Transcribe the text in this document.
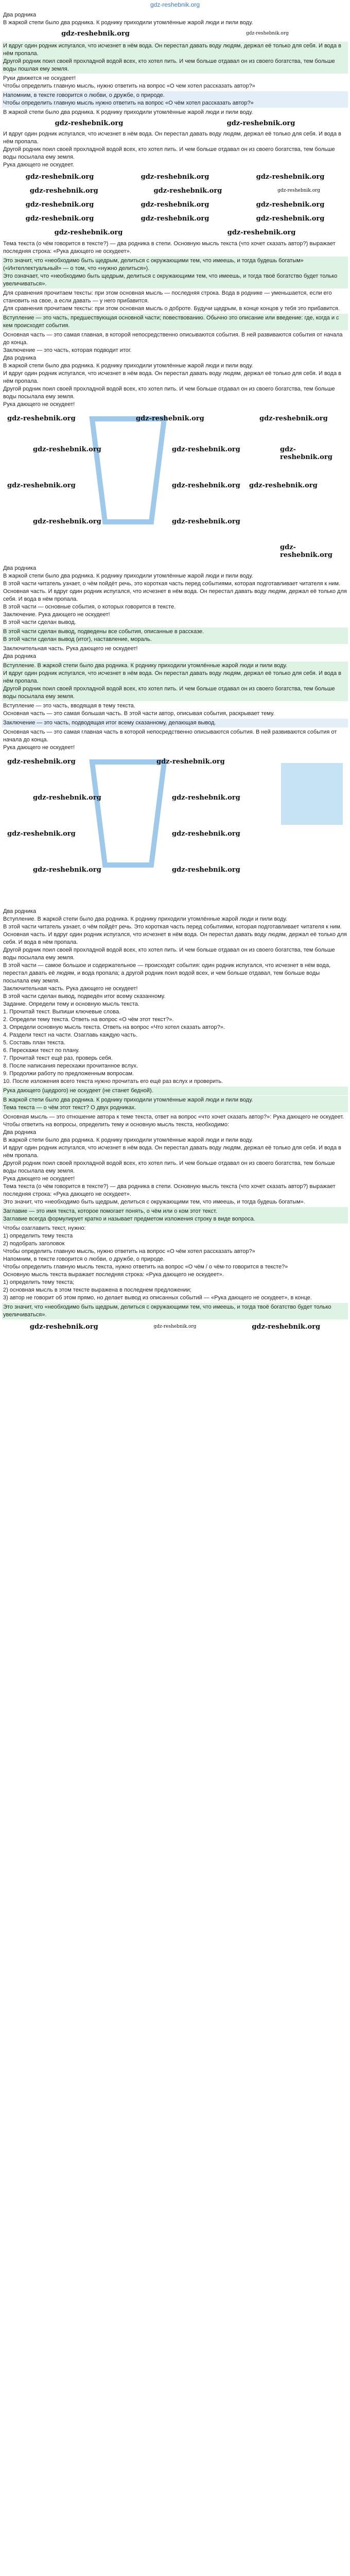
gdz-reshebnik.org
Два родника
В жаркой степи было два родника. К роднику приходили утомлённые жарой люди и пили воду.
gdz-reshebnik.org	gdz-reshebnik.org
И вдруг один родник испугался, что исчезнет в нём вода. Он перестал давать воду людям, держал её только для себя. И вода в нём пропала.
Другой родник поил своей прохладной водой всех, кто хотел пить. И чем больше отдавал он из своего богатства, тем больше воды пошлая ему земля.
Руки движется не оскудеет!
Чтобы определить главную мысль, нужно ответить на вопрос «О чем хотел рассказать автор?»
Напомним, в тексте говорится о любви, о дружбе, о природе.
Чтобы определить главную мысль нужно ответить на вопрос «О чём хотел рассказать автор?»
В жаркой степи было два родника. К роднику приходили утомлённые жарой люди и пили воду.
gdz-reshebnik.org	gdz-reshebnik.org
И вдруг один родник испугался, что исчезнет в нём вода. Он перестал давать воду людям, держал её только для себя. И вода в нём пропала.
Другой родник поил своей прохладной водой всех, кто хотел пить. И чем больше отдавал он из своего богатства, тем больше воды посылала ему земля.
Рука дающего не оскудеет.
gdz-reshebnik.org	gdz-reshebnik.org	gdz-reshebnik.org
gdz-reshebnik.org	gdz-reshebnik.org	gdz-reshebnik.org
gdz-reshebnik.org	gdz-reshebnik.org	gdz-reshebnik.org
gdz-reshebnik.org	gdz-reshebnik.org	gdz-reshebnik.org
gdz-reshebnik.org	gdz-reshebnik.org
Тема текста (о чём говорится в тексте?) — два родника в степи. Основную мысль текста (что хочет сказать автор?) выражает последняя строка: «Рука дающего не оскудеет».
Это значит, что «необходимо быть щедрым, делиться с окружающими тем, что имеешь, и тогда будешь богатым» («Интеллектуальный» — о том, что «нужно делиться»).
Это означает, что «необходимо быть щедрым, делиться с окружающими тем, что имеешь, и тогда твоё богатство будет только увеличиваться».
Для сравнения прочитаем тексты: при этом основная мысль — последняя строка. Вода в роднике — уменьшается, если его становить на свое, а если давать — у него прибавится.
Для сравнения прочитаем тексты: при этом основная мысль о доброте. Будучи щедрым, в конце концов у тебя это прибавится.
Вступление — это часть, предшествующая основной части; повествованию. Обычно это описание или введение: где, когда и с кем происходят события.
Основная часть — это самая главная, в которой непосредственно описываются события. В ней развиваются события от начала до конца.
Заключение — это часть, которая подводит итог.
Два родника
В жаркой степи было два родника. К роднику приходили утомлённые жарой люди и пили воду.
И вдруг один родник испугался, что исчезнет в нём вода. Он перестал давать воду людям, держал её только для себя. И вода в нём пропала.
Другой родник поил своей прохладной водой всех, кто хотел пить. И чем больше отдавал он из своего богатства, тем больше воды посылала ему земля.
Рука дающего не оскудеет!
gdz-reshebnik.org	gdz-reshebnik.org	gdz-reshebnik.org
gdz-reshebnik.org	gdz-reshebnik.org	gdz-reshebnik.org
gdz-reshebnik.org	gdz-reshebnik.org gdz-reshebnik.org
gdz-reshebnik.org	gdz-reshebnik.org
gdz-reshebnik.org
Два родника
В жаркой степи было два родника. К роднику приходили утомлённые жарой люди и пили воду.
В этой части читатель узнает, о чём пойдёт речь, это короткая часть перед событиями, которая подготавливает читателя к ним.
Основная часть. И вдруг один родник испугался, что исчезнет в нём вода. Он перестал давать воду людям, держал её только для себя. И вода в нём пропала.
В этой части — основные события, о которых говорится в тексте.
Заключение. Рука дающего не оскудеет!
В этой части сделан вывод.
В этой части сделан вывод, подведены все события, описанные в рассказе.
В этой части сделан вывод (итог), наставление, мораль.
Заключительная часть. Рука дающего не оскудеет!
Два родника
Вступление. В жаркой степи было два родника. К роднику приходили утомлённые жарой люди и пили воду.
И вдруг один родник испугался, что исчезнет в нём вода. Он перестал давать воду людям, держал её только для себя. И вода в нём пропала.
Другой родник поил своей прохладной водой всех, кто хотел пить. И чем больше отдавал он из своего богатства, тем больше воды посылала ему земля.
Вступление — это часть, вводящая в тему текста.
Основная часть — это самая большая часть. В этой части автор, описывая события, раскрывает тему.
Заключение — это часть, подводящая итог всему сказанному, делающая вывод.
Основная часть — это самая главная часть в которой непосредственно описываются события. В ней развиваются события от начала до конца.
Рука дающего не оскудеет!
gdz-reshebnik.org	gdz-reshebnik.org
gdz-reshebnik.org	gdz-reshebnik.org
gdz-reshebnik.org	gdz-reshebnik.org
gdz-reshebnik.org	gdz-reshebnik.org
Два родника
Вступление. В жаркой степи было два родника. К роднику приходили утомлённые жарой люди и пили воду.
В этой части читатель узнает, о чём пойдёт речь. Это короткая часть перед событиями, которая подготавливает читателя к ним.
Основная часть. И вдруг один родник испугался, что исчезнет в нём вода. Он перестал давать воду людям, держал её только для себя. И вода в нём пропала.
Другой родник поил своей прохладной водой всех, кто хотел пить. И чем больше отдавал он из своего богатства, тем больше воды посылала ему земля.
В этой части — самое большое и содержательное — происходят события: один родник испугался, что исчезнет в нём вода, перестал давать её людям, и вода пропала; а другой родник поил водой всех, и чем больше отдавал, тем больше воды посылала ему земля.
Заключительная часть. Рука дающего не оскудеет!
В этой части сделан вывод, подведён итог всему сказанному.
Задание. Определи тему и основную мысль текста.
1. Прочитай текст. Выпиши ключевые слова.
2. Определи тему текста. Ответь на вопрос «О чём этот текст?».
3. Определи основную мысль текста. Ответь на вопрос «Что хотел сказать автор?».
4. Раздели текст на части. Озаглавь каждую часть.
5. Составь план текста.
6. Перескажи текст по плану.
7. Прочитай текст ещё раз, проверь себя.
8. После написания перескажи прочитанное вслух.
9. Продолжи работу по предложенным вопросам.
10. После изложения всего текста нужно прочитать его ещё раз вслух и проверить.
Рука дающего (щедрого) не оскудеет (не станет бедной).
В жаркой степи было два родника. К роднику приходили утомлённые жарой люди и пили воду.
Тема текста — о чём этот текст? О двух родниках.
Основная мысль — это отношение автора к теме текста, ответ на вопрос «что хочет сказать автор?»: Рука дающего не оскудеет.
Чтобы ответить на вопросы, определить тему и основную мысль текста, необходимо:
Два родника
В жаркой степи было два родника. К роднику приходили утомлённые жарой люди и пили воду.
И вдруг один родник испугался, что исчезнет в нём вода. Он перестал давать воду людям, держал её только для себя. И вода в нём пропала.
Другой родник поил своей прохладной водой всех, кто хотел пить. И чем больше отдавал он из своего богатства, тем больше воды посылала ему земля.
Рука дающего не оскудеет!
Тема текста (о чём говорится в тексте?) — два родника в степи. Основную мысль текста (что хочет сказать автор?) выражает последняя строка: «Рука дающего не оскудеет».
Это значит, что «необходимо быть щедрым, делиться с окружающими тем, что имеешь, и тогда будешь богатым».
Заглавие — это имя текста, которое помогает понять, о чём или о ком этот текст.
Заглавие всегда формулирует кратко и называет предметом изложения строку в виде вопроса.
Чтобы озаглавить текст, нужно:
1) определить тему текста
2) подобрать заголовок
Чтобы определить главную мысль, нужно ответить на вопрос «О чём хотел рассказать автор?»
Напомним, в тексте говорится о любви, о дружбе, о природе.
Чтобы определить главную мысль текста, нужно ответить на вопрос «О чём / о чём-то говорится в тексте?»
Основную мысль текста выражает последняя строка: «Рука дающего не оскудеет».
1) определить тему текста;
2) основная мысль в этом тексте выражена в последнем предложении;
3) автор не говорит об этом прямо, но делает вывод из описанных событий — «Рука дающего не оскудеет», в конце.
Это значит, что «необходимо быть щедрым, делиться с окружающими тем, что имеешь, и тогда твоё богатство будет только увеличиваться».
gdz-reshebnik.org	gdz-reshebnik.org	gdz-reshebnik.org
